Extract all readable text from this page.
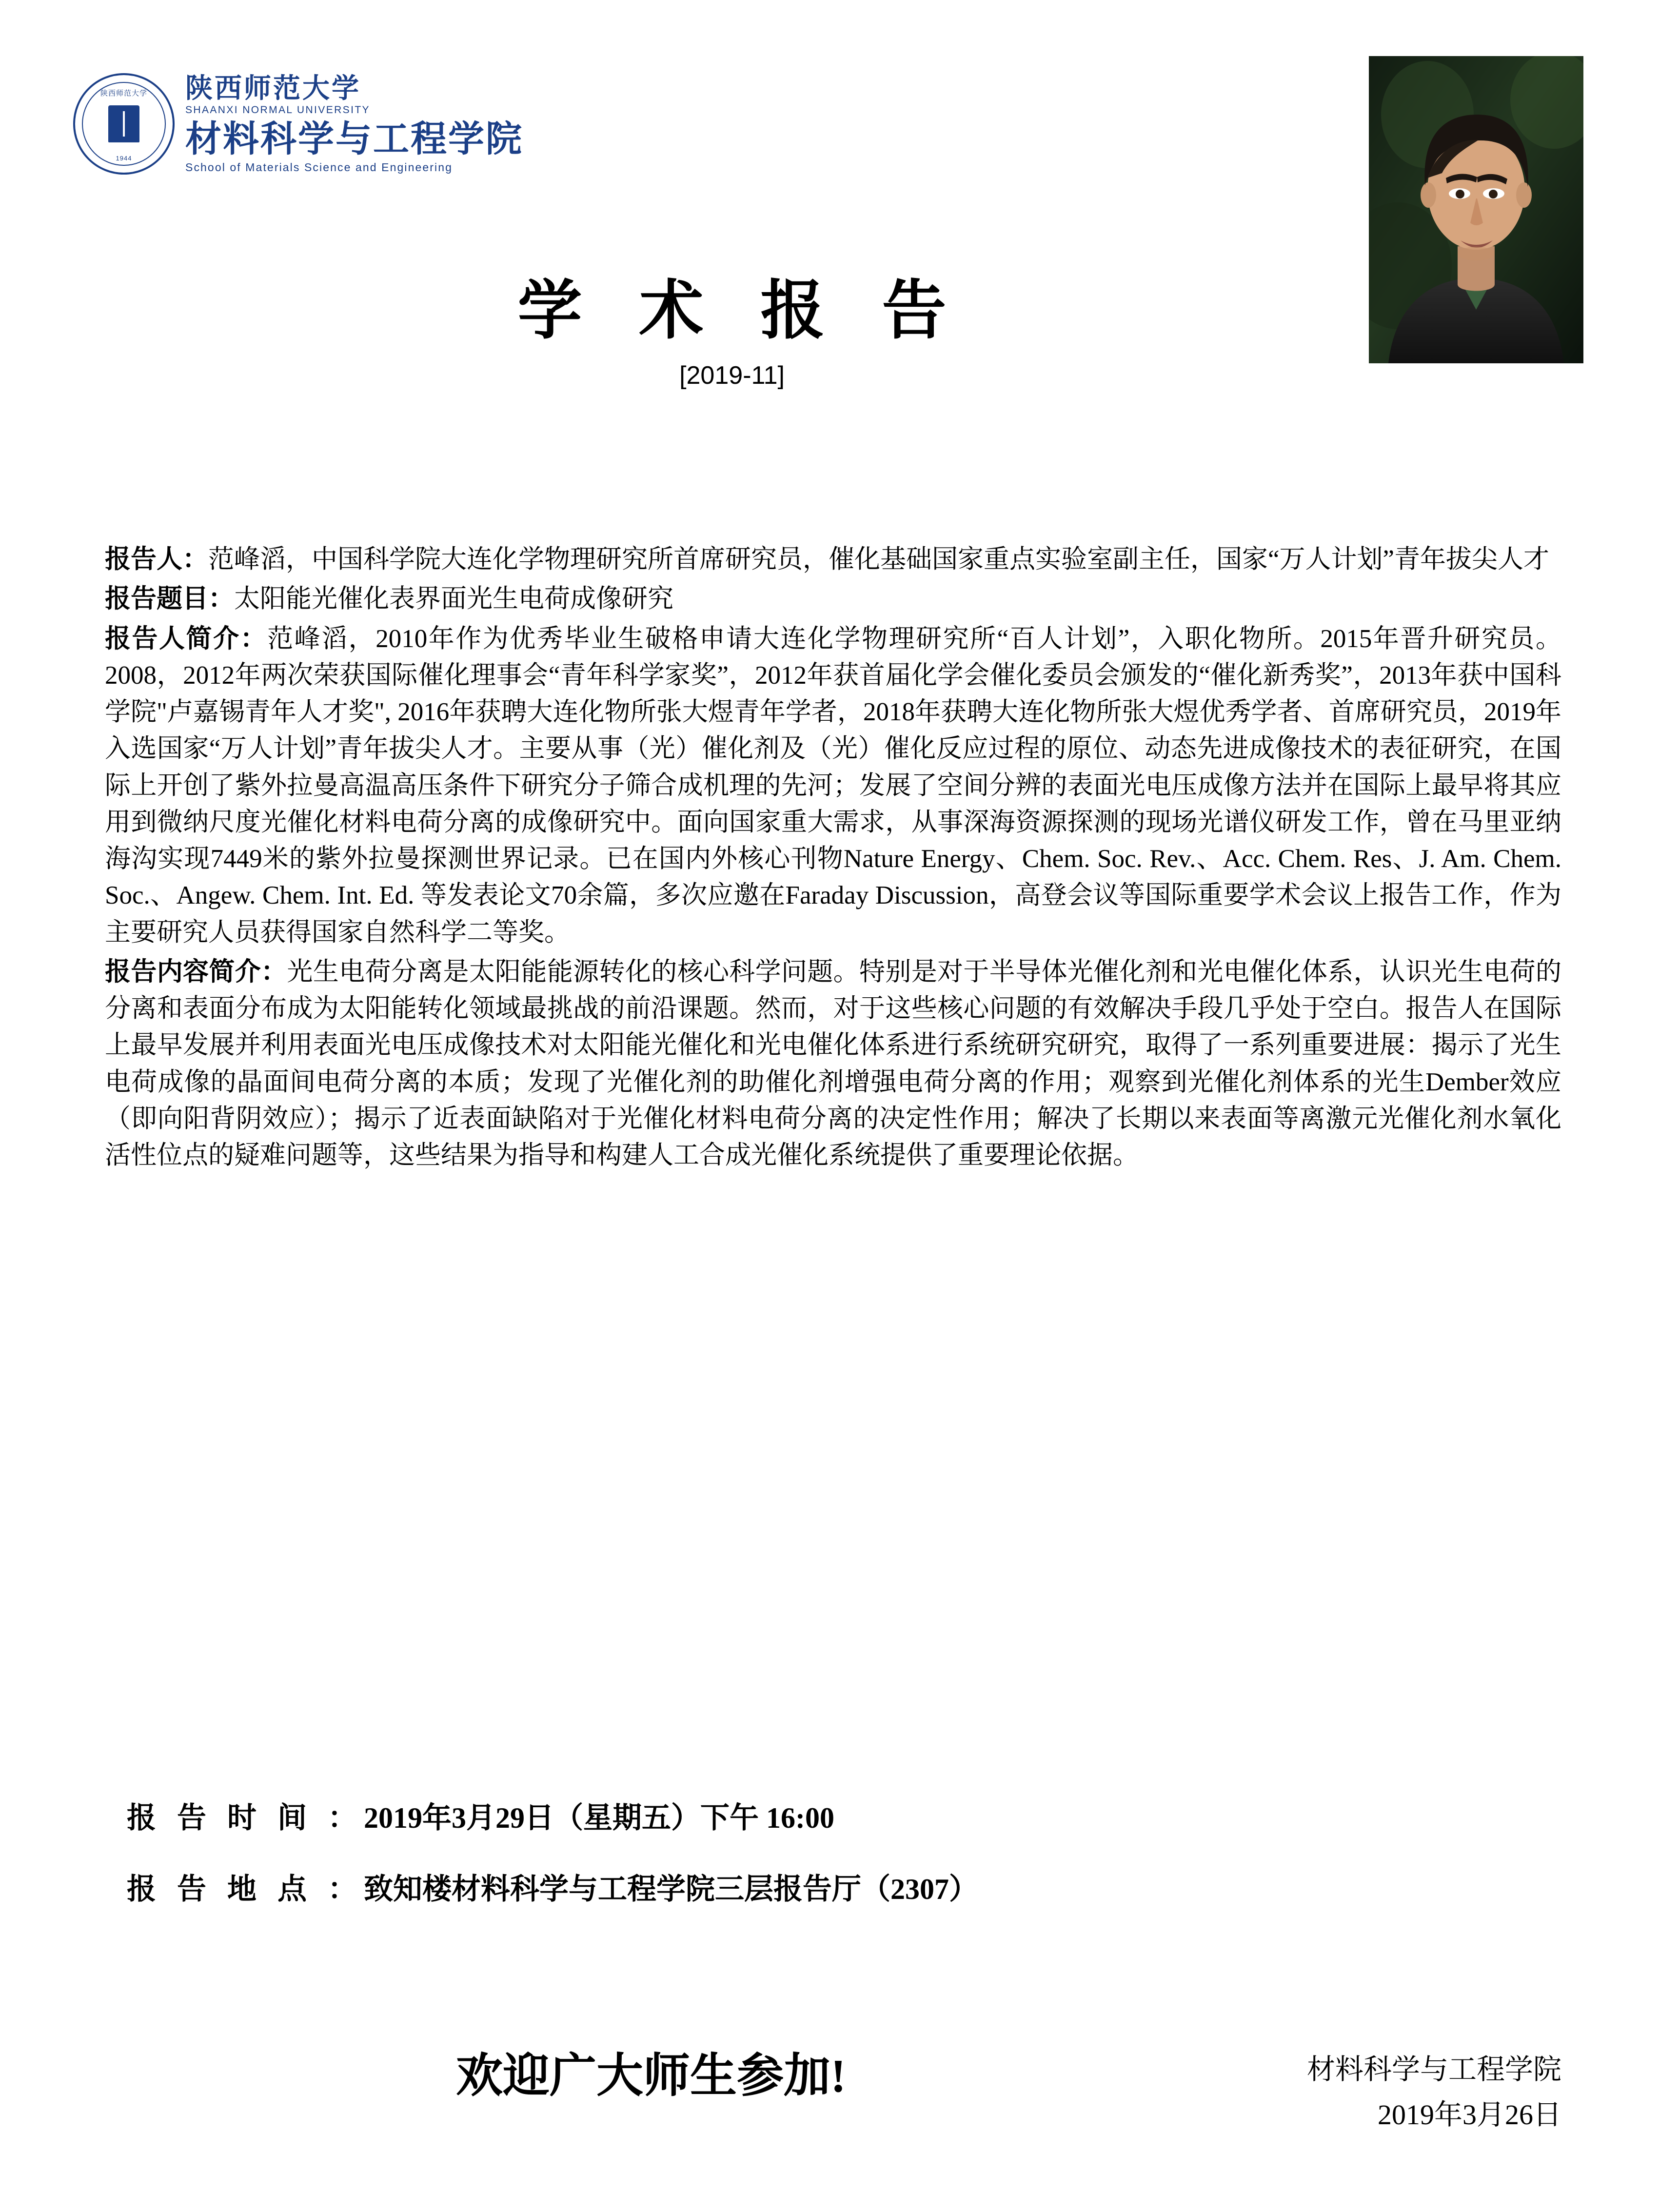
陕西师范大学
1944
陕西师范大学
SHAANXI NORMAL UNIVERSITY
材料科学与工程学院
School of Materials Science and Engineering
学 术 报 告
[2019-11]

报告人：范峰滔，中国科学院大连化学物理研究所首席研究员，催化基础国家重点实验室副主任，国家“万人计划”青年拔尖人才

报告题目：太阳能光催化表界面光生电荷成像研究

报告人简介：范峰滔，2010年作为优秀毕业生破格申请大连化学物理研究所“百人计划”，入职化物所。2015年晋升研究员。2008，2012年两次荣获国际催化理事会“青年科学家奖”，2012年获首届化学会催化委员会颁发的“催化新秀奖”，2013年获中国科学院"卢嘉锡青年人才奖", 2016年获聘大连化物所张大煜青年学者，2018年获聘大连化物所张大煜优秀学者、首席研究员，2019年入选国家“万人计划”青年拔尖人才。主要从事（光）催化剂及（光）催化反应过程的原位、动态先进成像技术的表征研究，在国际上开创了紫外拉曼高温高压条件下研究分子筛合成机理的先河；发展了空间分辨的表面光电压成像方法并在国际上最早将其应用到微纳尺度光催化材料电荷分离的成像研究中。面向国家重大需求，从事深海资源探测的现场光谱仪研发工作，曾在马里亚纳海沟实现7449米的紫外拉曼探测世界记录。已在国内外核心刊物Nature Energy、Chem. Soc. Rev.、Acc. Chem. Res、J. Am. Chem. Soc.、Angew. Chem. Int. Ed. 等发表论文70余篇，多次应邀在Faraday Discussion，高登会议等国际重要学术会议上报告工作，作为主要研究人员获得国家自然科学二等奖。

报告内容简介：光生电荷分离是太阳能能源转化的核心科学问题。特别是对于半导体光催化剂和光电催化体系，认识光生电荷的分离和表面分布成为太阳能转化领域最挑战的前沿课题。然而，对于这些核心问题的有效解决手段几乎处于空白。报告人在国际上最早发展并利用表面光电压成像技术对太阳能光催化和光电催化体系进行系统研究研究，取得了一系列重要进展：揭示了光生电荷成像的晶面间电荷分离的本质；发现了光催化剂的助催化剂增强电荷分离的作用；观察到光催化剂体系的光生Dember效应（即向阳背阴效应）；揭示了近表面缺陷对于光催化材料电荷分离的决定性作用；解决了长期以来表面等离激元光催化剂水氧化活性位点的疑难问题等，这些结果为指导和构建人工合成光催化系统提供了重要理论依据。

报 告 时 间 ：2019年3月29日（星期五）下午 16:00
报 告 地 点 ：致知楼材料科学与工程学院三层报告厅（2307）
欢迎广大师生参加!	材料科学与工程学院
2019年3月26日
